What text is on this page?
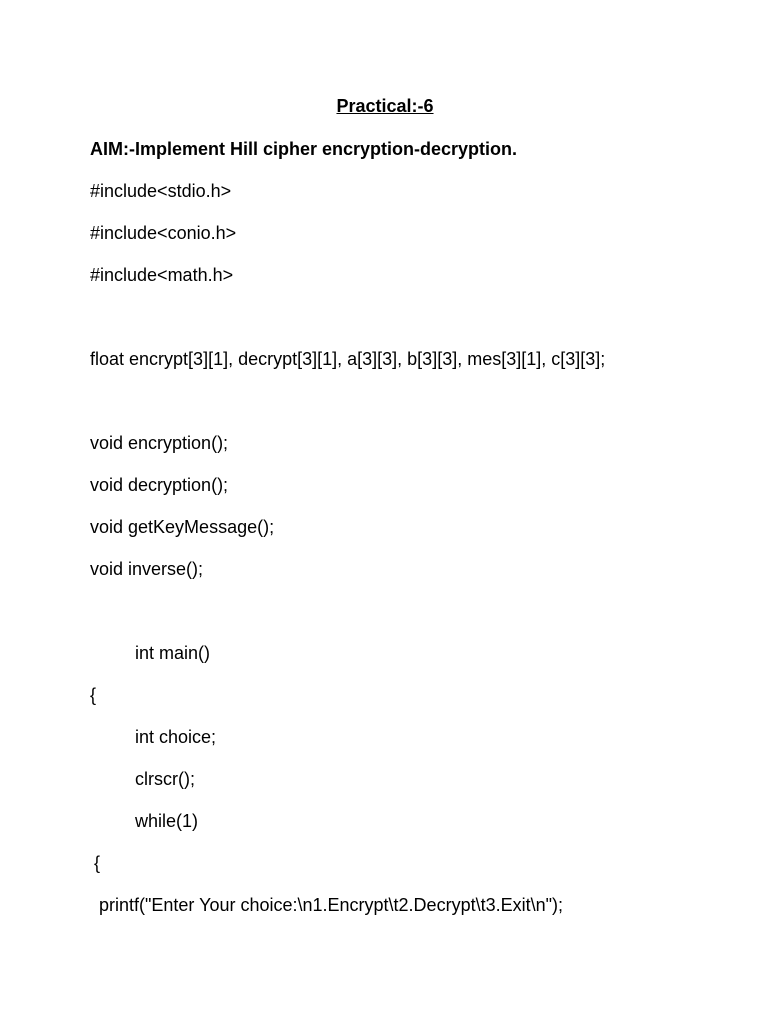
Practical:-6
AIM:-Implement Hill cipher encryption-decryption.
#include<stdio.h>
#include<conio.h>
#include<math.h>
float encrypt[3][1], decrypt[3][1], a[3][3], b[3][3], mes[3][1], c[3][3];
void encryption();
void decryption();
void getKeyMessage();
void inverse();
int main()
{
int choice;
clrscr();
while(1)
{
printf("Enter Your choice:\n1.Encrypt\t2.Decrypt\t3.Exit\n");
